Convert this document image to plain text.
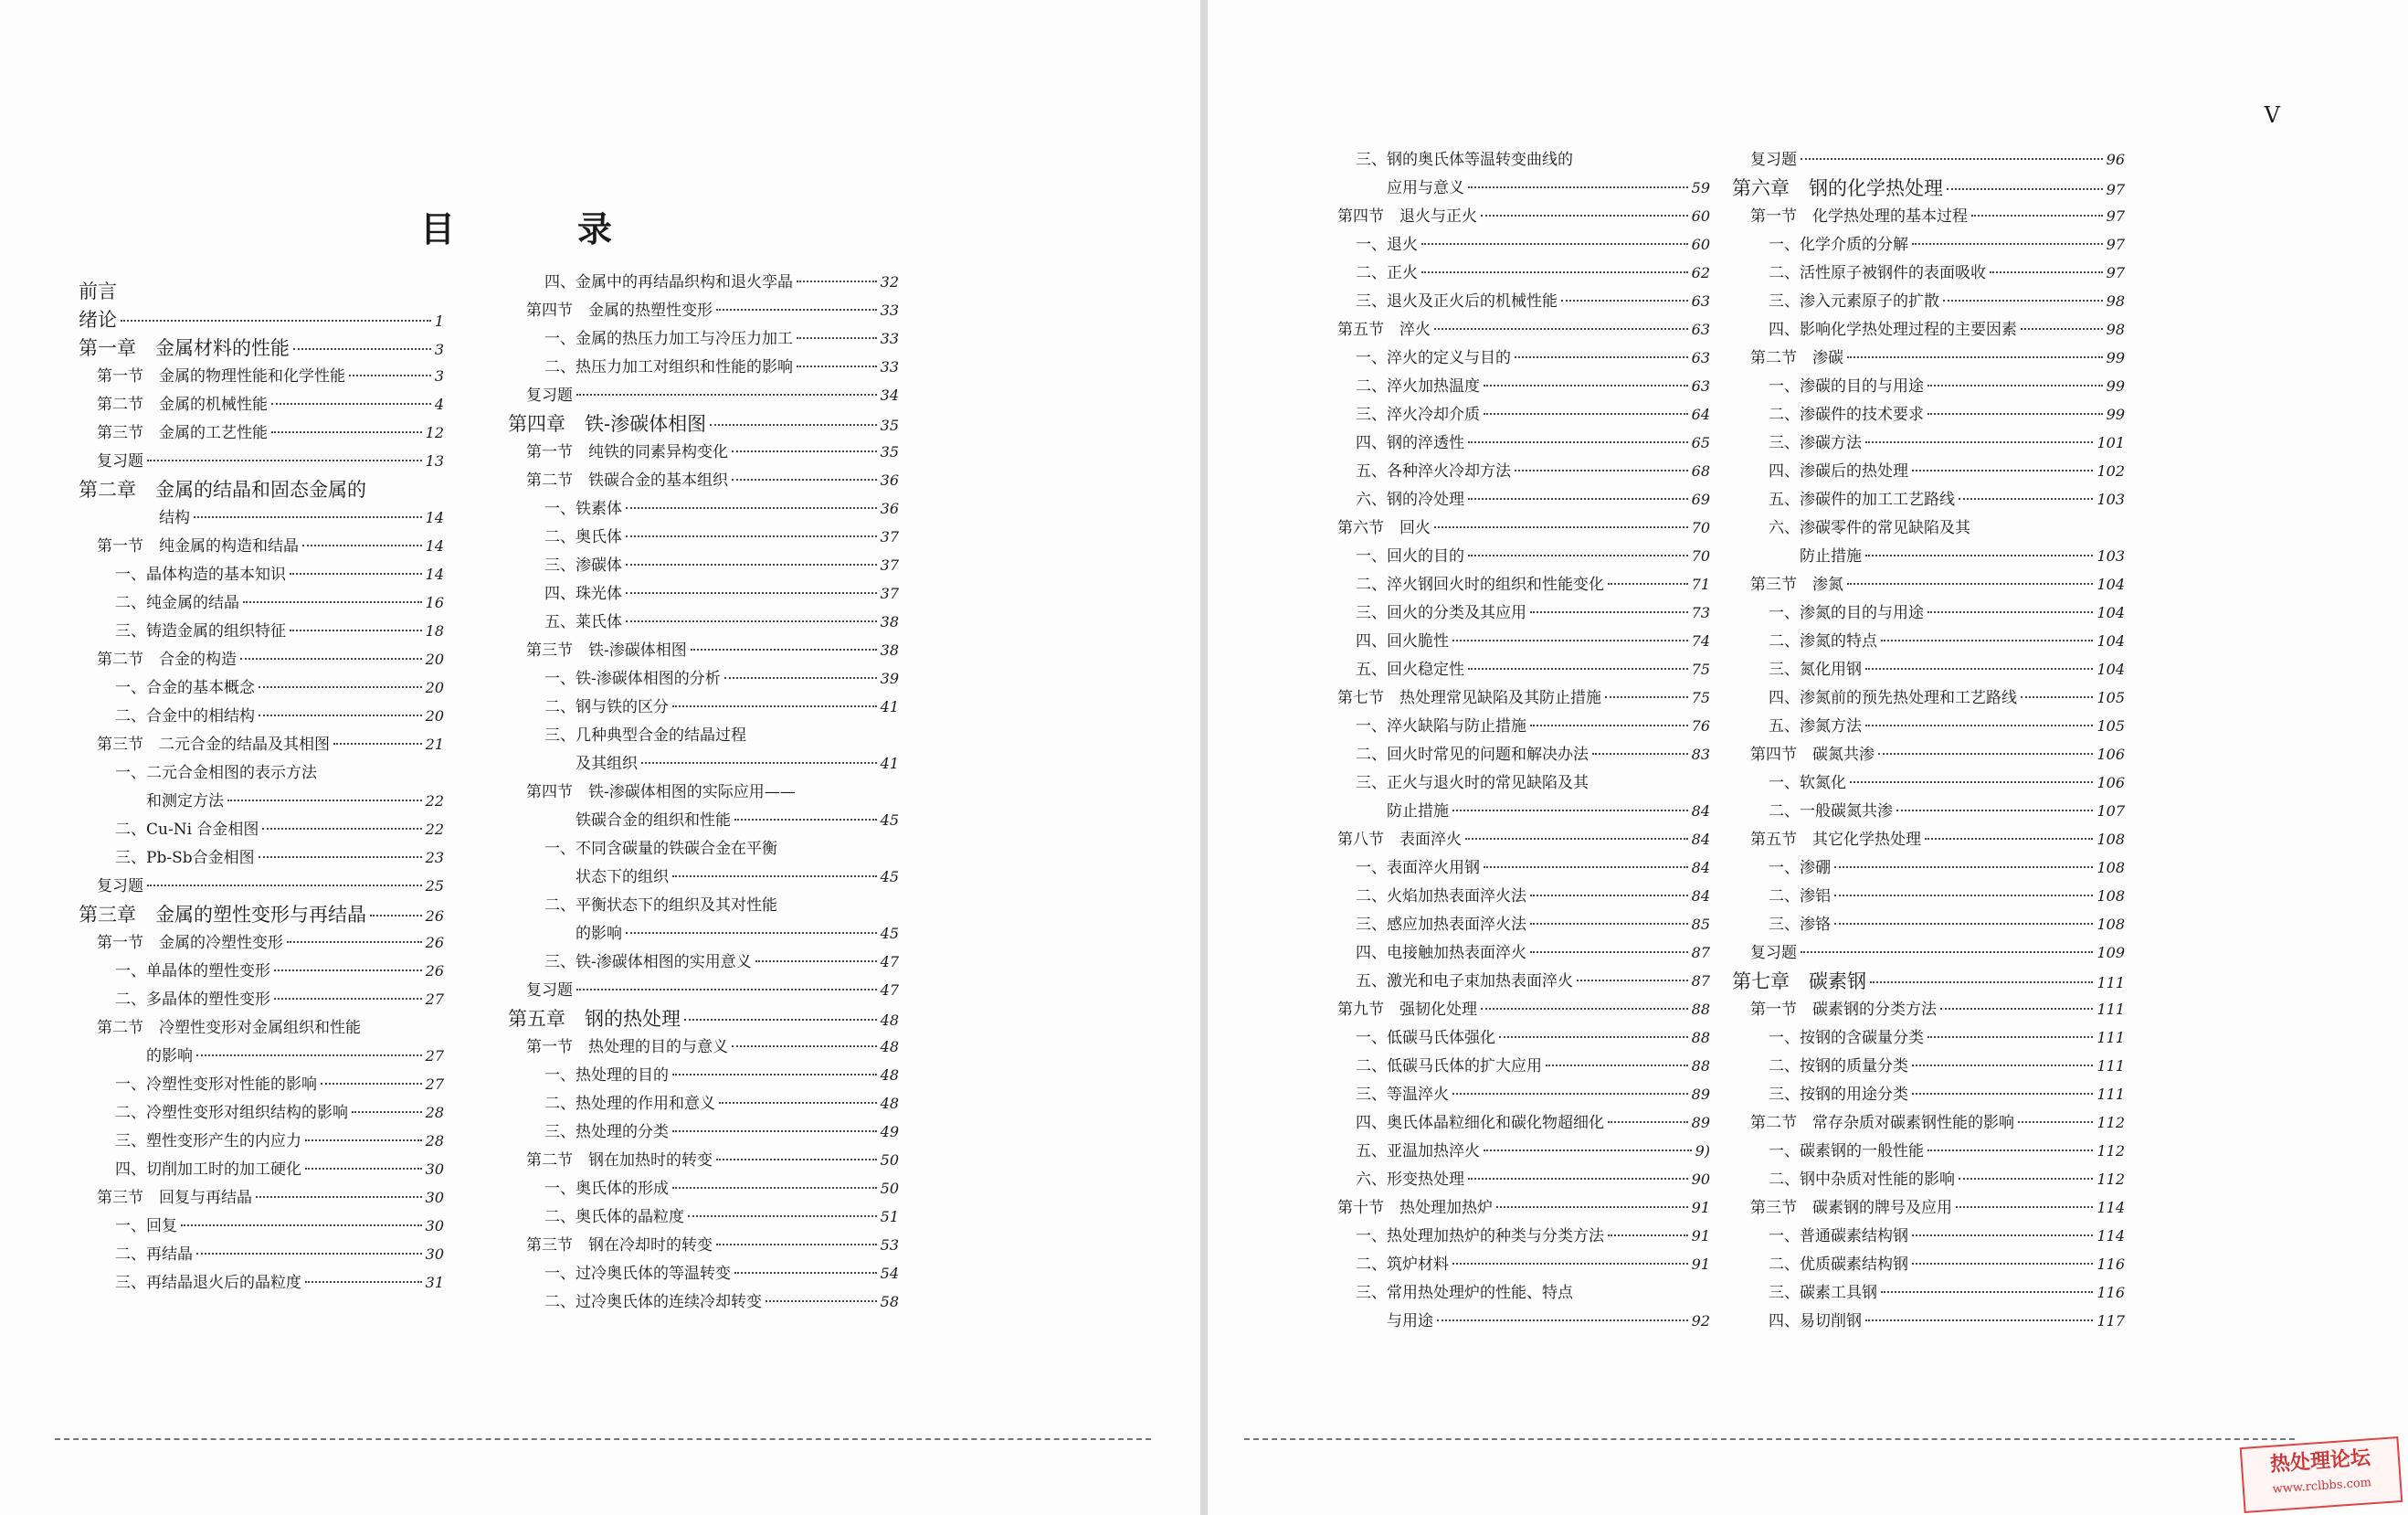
目　录
前言
绪论	1
第一章　金属材料的性能	3
第一节　金属的物理性能和化学性能	3
第二节　金属的机械性能	4
第三节　金属的工艺性能	12
复习题	13
第二章　金属的结晶和固态金属的
结构	14
第一节　纯金属的构造和结晶	14
一、晶体构造的基本知识	14
二、纯金属的结晶	16
三、铸造金属的组织特征	18
第二节　合金的构造	20
一、合金的基本概念	20
二、合金中的相结构	20
第三节　二元合金的结晶及其相图	21
一、二元合金相图的表示方法
和测定方法	22
二、Cu-Ni 合金相图	22
三、Pb-Sb合金相图	23
复习题	25
第三章　金属的塑性变形与再结晶	26
第一节　金属的冷塑性变形	26
一、单晶体的塑性变形	26
二、多晶体的塑性变形	27
第二节　冷塑性变形对金属组织和性能
的影响	27
一、冷塑性变形对性能的影响	27
二、冷塑性变形对组织结构的影响	28
三、塑性变形产生的内应力	28
四、切削加工时的加工硬化	30
第三节　回复与再结晶	30
一、回复	30
二、再结晶	30
三、再结晶退火后的晶粒度	31
四、金属中的再结晶织构和退火孪晶	32
第四节　金属的热塑性变形	33
一、金属的热压力加工与冷压力加工	33
二、热压力加工对组织和性能的影响	33
复习题	34
第四章　铁-渗碳体相图	35
第一节　纯铁的同素异构变化	35
第二节　铁碳合金的基本组织	36
一、铁素体	36
二、奥氏体	37
三、渗碳体	37
四、珠光体	37
五、莱氏体	38
第三节　铁-渗碳体相图	38
一、铁-渗碳体相图的分析	39
二、钢与铁的区分	41
三、几种典型合金的结晶过程
及其组织	41
第四节　铁-渗碳体相图的实际应用——
铁碳合金的组织和性能	45
一、不同含碳量的铁碳合金在平衡
状态下的组织	45
二、平衡状态下的组织及其对性能
的影响	45
三、铁-渗碳体相图的实用意义	47
复习题	47
第五章　钢的热处理	48
第一节　热处理的目的与意义	48
一、热处理的目的	48
二、热处理的作用和意义	48
三、热处理的分类	49
第二节　钢在加热时的转变	50
一、奥氏体的形成	50
二、奥氏体的晶粒度	51
第三节　钢在冷却时的转变	53
一、过冷奥氏体的等温转变	54
二、过冷奥氏体的连续冷却转变	58
V
三、钢的奥氏体等温转变曲线的
应用与意义	59
第四节　退火与正火	60
一、退火	60
二、正火	62
三、退火及正火后的机械性能	63
第五节　淬火	63
一、淬火的定义与目的	63
二、淬火加热温度	63
三、淬火冷却介质	64
四、钢的淬透性	65
五、各种淬火冷却方法	68
六、钢的冷处理	69
第六节　回火	70
一、回火的目的	70
二、淬火钢回火时的组织和性能变化	71
三、回火的分类及其应用	73
四、回火脆性	74
五、回火稳定性	75
第七节　热处理常见缺陷及其防止措施	75
一、淬火缺陷与防止措施	76
二、回火时常见的问题和解决办法	83
三、正火与退火时的常见缺陷及其
防止措施	84
第八节　表面淬火	84
一、表面淬火用钢	84
二、火焰加热表面淬火法	84
三、感应加热表面淬火法	85
四、电接触加热表面淬火	87
五、激光和电子束加热表面淬火	87
第九节　强韧化处理	88
一、低碳马氏体强化	88
二、低碳马氏体的扩大应用	88
三、等温淬火	89
四、奥氏体晶粒细化和碳化物超细化	89
五、亚温加热淬火	9)
六、形变热处理	90
第十节　热处理加热炉	91
一、热处理加热炉的种类与分类方法	91
二、筑炉材料	91
三、常用热处理炉的性能、特点
与用途	92
复习题	96
第六章　钢的化学热处理	97
第一节　化学热处理的基本过程	97
一、化学介质的分解	97
二、活性原子被钢件的表面吸收	97
三、渗入元素原子的扩散	98
四、影响化学热处理过程的主要因素	98
第二节　渗碳	99
一、渗碳的目的与用途	99
二、渗碳件的技术要求	99
三、渗碳方法	101
四、渗碳后的热处理	102
五、渗碳件的加工工艺路线	103
六、渗碳零件的常见缺陷及其
防止措施	103
第三节　渗氮	104
一、渗氮的目的与用途	104
二、渗氮的特点	104
三、氮化用钢	104
四、渗氮前的预先热处理和工艺路线	105
五、渗氮方法	105
第四节　碳氮共渗	106
一、软氮化	106
二、一般碳氮共渗	107
第五节　其它化学热处理	108
一、渗硼	108
二、渗铝	108
三、渗铬	108
复习题	109
第七章　碳素钢	111
第一节　碳素钢的分类方法	111
一、按钢的含碳量分类	111
二、按钢的质量分类	111
三、按钢的用途分类	111
第二节　常存杂质对碳素钢性能的影响	112
一、碳素钢的一般性能	112
二、钢中杂质对性能的影响	112
第三节　碳素钢的牌号及应用	114
一、普通碳素结构钢	114
二、优质碳素结构钢	116
三、碳素工具钢	116
四、易切削钢	117
热处理论坛
www.rclbbs.com
